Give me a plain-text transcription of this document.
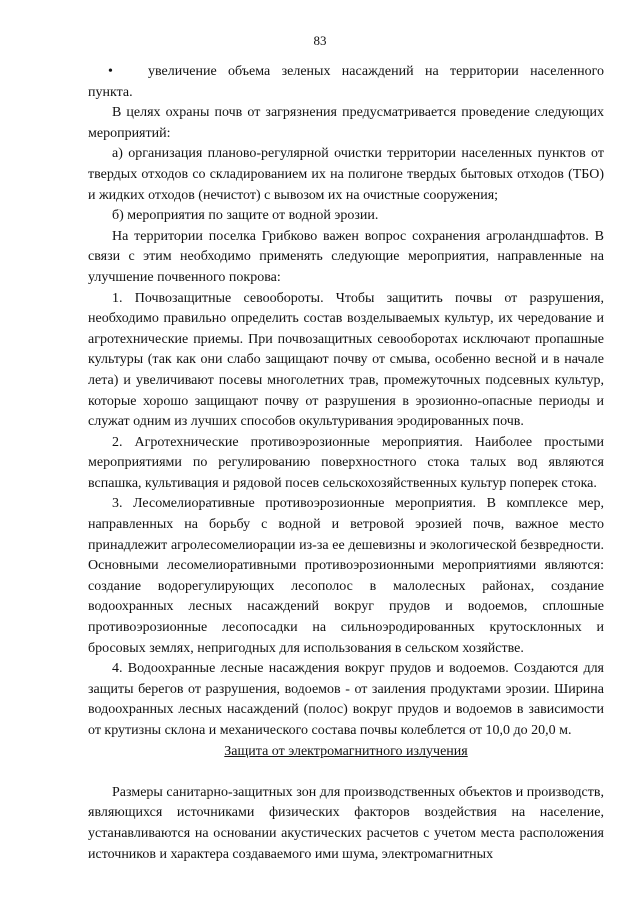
83

•	увеличение объема зеленых насаждений на территории населенного пункта.

В целях охраны почв от загрязнения предусматривается проведение следующих мероприятий:

а) организация планово-регулярной очистки территории населенных пунктов от твердых отходов со складированием их на полигоне твердых бытовых отходов (ТБО) и жидких отходов (нечистот) с вывозом их на очистные сооружения;

б) мероприятия по защите от водной эрозии.

На территории поселка Грибково важен вопрос сохранения агроландшафтов. В связи с этим необходимо применять следующие мероприятия, направленные на улучшение почвенного покрова:

1. Почвозащитные севообороты. Чтобы защитить почвы от разрушения, необходимо правильно определить состав возделываемых культур, их чередование и агротехнические приемы. При почвозащитных севооборотах исключают пропашные культуры (так как они слабо защищают почву от смыва, особенно весной и в начале лета) и увеличивают посевы многолетних трав, промежуточных подсевных культур, которые хорошо защищают почву от разрушения в эрозионно-опасные периоды и служат одним из лучших способов окультуривания эродированных почв.

2. Агротехнические противоэрозионные мероприятия. Наиболее простыми мероприятиями по регулированию поверхностного стока талых вод являются вспашка, культивация и рядовой посев сельскохозяйственных культур поперек стока.

3. Лесомелиоративные противоэрозионные мероприятия. В комплексе мер, направленных на борьбу с водной и ветровой эрозией почв, важное место принадлежит агролесомелиорации из-за ее дешевизны и экологической безвредности. Основными лесомелиоративными противоэрозионными мероприятиями являются: создание водорегулирующих лесополос в малолесных районах, создание водоохранных лесных насаждений вокруг прудов и водоемов, сплошные противоэрозионные лесопосадки на сильноэродированных крутосклонных и бросовых землях, непригодных для использования в сельском хозяйстве.

4. Водоохранные лесные насаждения вокруг прудов и водоемов. Создаются для защиты берегов от разрушения, водоемов - от заиления продуктами эрозии. Ширина водоохранных лесных насаждений (полос) вокруг прудов и водоемов в зависимости от крутизны склона и механического состава почвы колеблется от 10,0 до 20,0 м.

Защита от электромагнитного излучения

Размеры санитарно-защитных зон для производственных объектов и производств, являющихся источниками физических факторов воздействия на население, устанавливаются на основании акустических расчетов с учетом места расположения источников и характера создаваемого ими шума, электромагнитных
